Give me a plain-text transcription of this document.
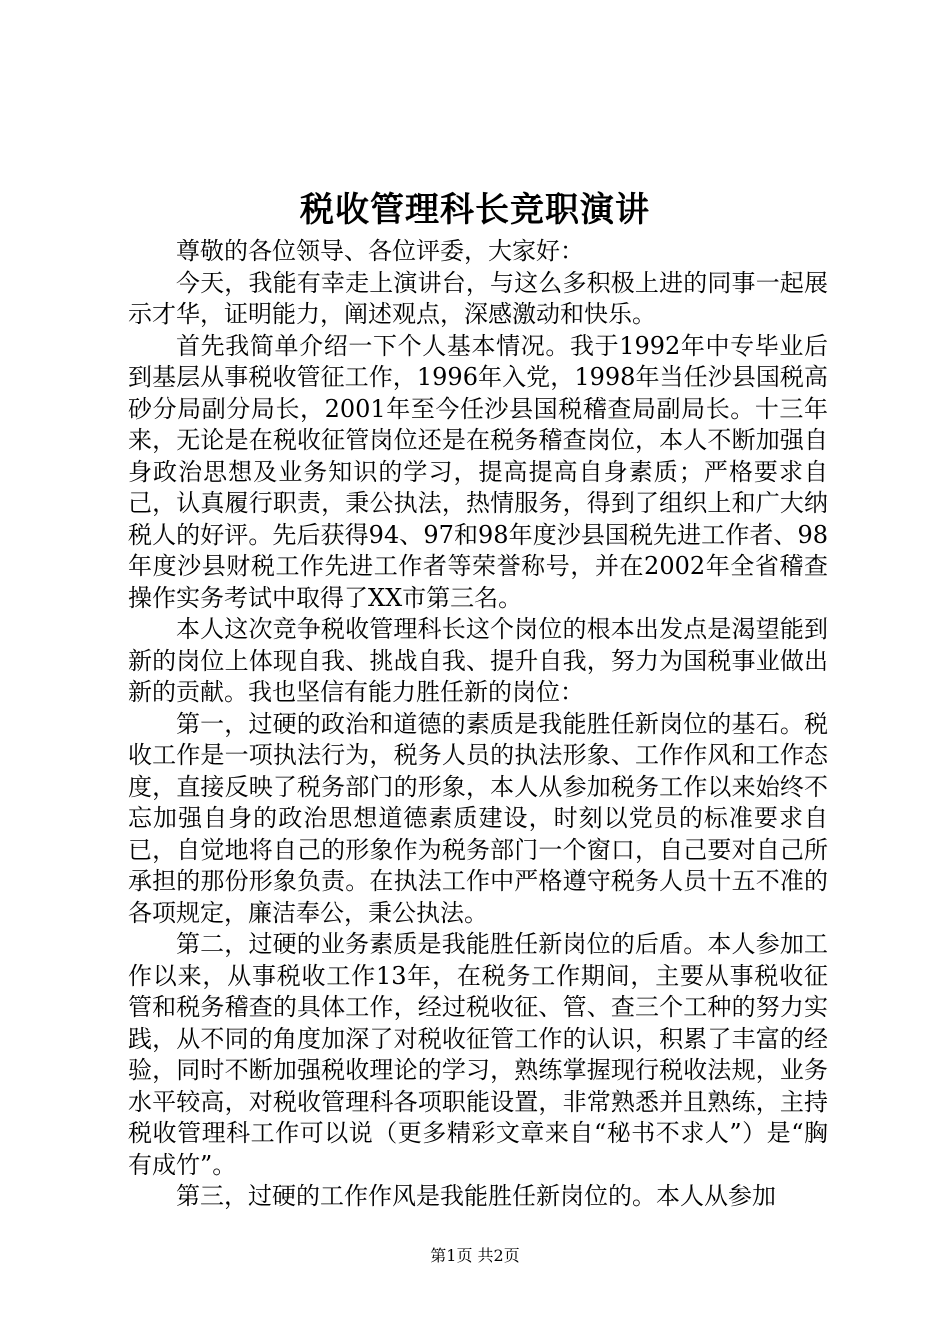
税收管理科长竞职演讲

尊敬的各位领导、各位评委，大家好：

今天，我能有幸走上演讲台，与这么多积极上进的同事一起展示才华，证明能力，阐述观点，深感激动和快乐。

首先我简单介绍一下个人基本情况。我于1992年中专毕业后到基层从事税收管征工作，1996年入党，1998年当任沙县国税高砂分局副分局长，2001年至今任沙县国税稽查局副局长。十三年来，无论是在税收征管岗位还是在税务稽查岗位，本人不断加强自身政治思想及业务知识的学习，提高提高自身素质；严格要求自己，认真履行职责，秉公执法，热情服务，得到了组织上和广大纳税人的好评。先后获得94、97和98年度沙县国税先进工作者、98年度沙县财税工作先进工作者等荣誉称号，并在2002年全省稽查操作实务考试中取得了XX市第三名。

本人这次竞争税收管理科长这个岗位的根本出发点是渴望能到新的岗位上体现自我、挑战自我、提升自我，努力为国税事业做出新的贡献。我也坚信有能力胜任新的岗位：

第一，过硬的政治和道德的素质是我能胜任新岗位的基石。税收工作是一项执法行为，税务人员的执法形象、工作作风和工作态度，直接反映了税务部门的形象，本人从参加税务工作以来始终不忘加强自身的政治思想道德素质建设，时刻以党员的标准要求自已，自觉地将自己的形象作为税务部门一个窗口，自己要对自己所承担的那份形象负责。在执法工作中严格遵守税务人员十五不准的各项规定，廉洁奉公，秉公执法。

第二，过硬的业务素质是我能胜任新岗位的后盾。本人参加工作以来，从事税收工作13年，在税务工作期间，主要从事税收征管和税务稽查的具体工作，经过税收征、管、查三个工种的努力实践，从不同的角度加深了对税收征管工作的认识，积累了丰富的经验，同时不断加强税收理论的学习，熟练掌握现行税收法规，业务水平较高，对税收管理科各项职能设置，非常熟悉并且熟练，主持税收管理科工作可以说（更多精彩文章来自“秘书不求人”）是“胸有成竹”。

第三，过硬的工作作风是我能胜任新岗位的。本人从参加

第1页 共2页
